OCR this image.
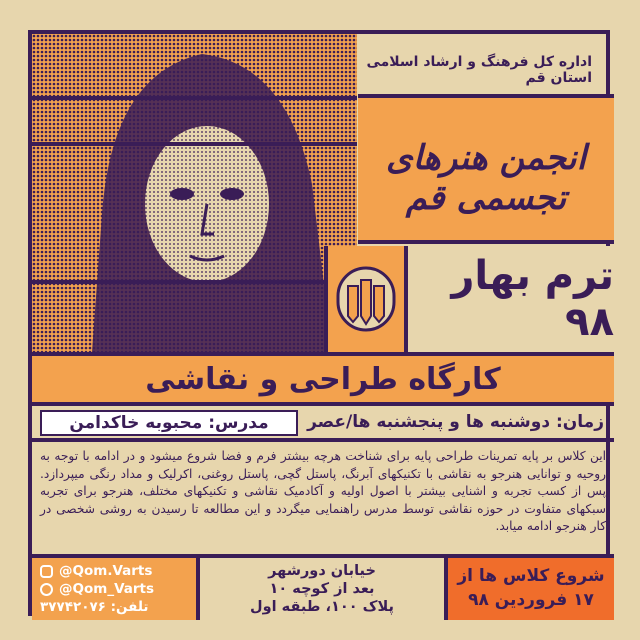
اداره کل فرهنگ و ارشاد اسلامی استان قم
انجمن هنرهای تجسمی قم
ترم بهار ۹۸
کارگاه طراحی و نقاشی
مدرس: محبوبه خاکدامن زمان: دوشنبه ها و پنجشنبه ها/عصر
این کلاس بر پایه تمرینات طراحی پایه برای شناخت هرچه بیشتر فرم و فضا شروع میشود و در ادامه با توجه به روحیه و توانایی هنرجو به نقاشی با تکنیکهای آبرنگ، پاستل گچی، پاستل روغنی، اکرلیک و مداد رنگی میپردازد. پس از کسب تجربه و اشنایی بیشتر با اصول اولیه و آکادمیک نقاشی و تکنیکهای مختلف، هنرجو برای تجربه سبکهای متفاوت در حوزه نقاشی توسط مدرس راهنمایی میگردد و این مطالعه تا رسیدن به روشی شخصی در کار هنرجو ادامه میابد.
@Qom.Varts
@Qom_Varts
تلفن: ۳۷۷۴۲۰۷۶
خیابان دورشهر
بعد از کوچه ۱۰
پلاک ۱۰۰، طبقه اول
شروع کلاس ها از
۱۷ فروردین ۹۸
